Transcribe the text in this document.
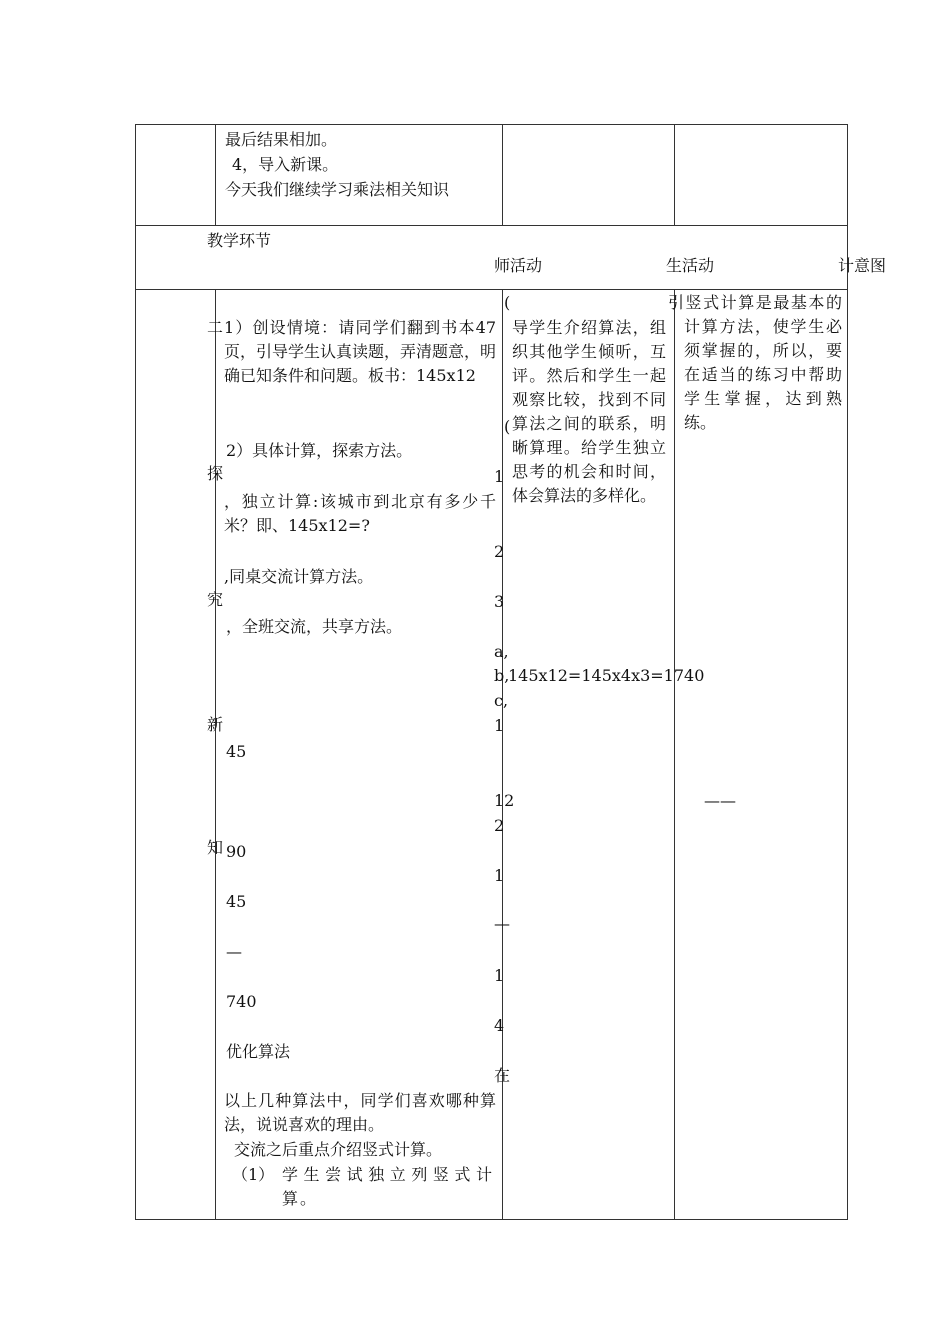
最后结果相加。
4，导入新课。
今天我们继续学习乘法相关知识
教学环节
师活动	生活动	计意图
二
探
究
新
知
1）创设情境：请同学们翻到书本47页，引导学生认真读题，弄清题意，明确已知条件和问题。板书：145x12
2）具体计算，探索方法。
，独立计算:该城市到北京有多少千米？即、145x12=?
,同桌交流计算方法。
，全班交流，共享方法。
45
90
45
—
740
优化算法
以上几种算法中，同学们喜欢哪种算法，说说喜欢的理由。
交流之后重点介绍竖式计算。
（1） 学生尝试独立列竖式计算。
(
(
1
2
3
a,
b,
145x12=145x4x3=1740
c,
1
12
2
1
—
1
4
在
导学生介绍算法，组织其他学生倾听，互评。然后和学生一起观察比较，找到不同算法之间的联系，明晰算理。给学生独立思考的机会和时间，体会算法的多样化。
引竖式计算是最基本的计算方法，使学生必须掌握的，所以，要在适当的练习中帮助学生掌握，达到熟练。
——
